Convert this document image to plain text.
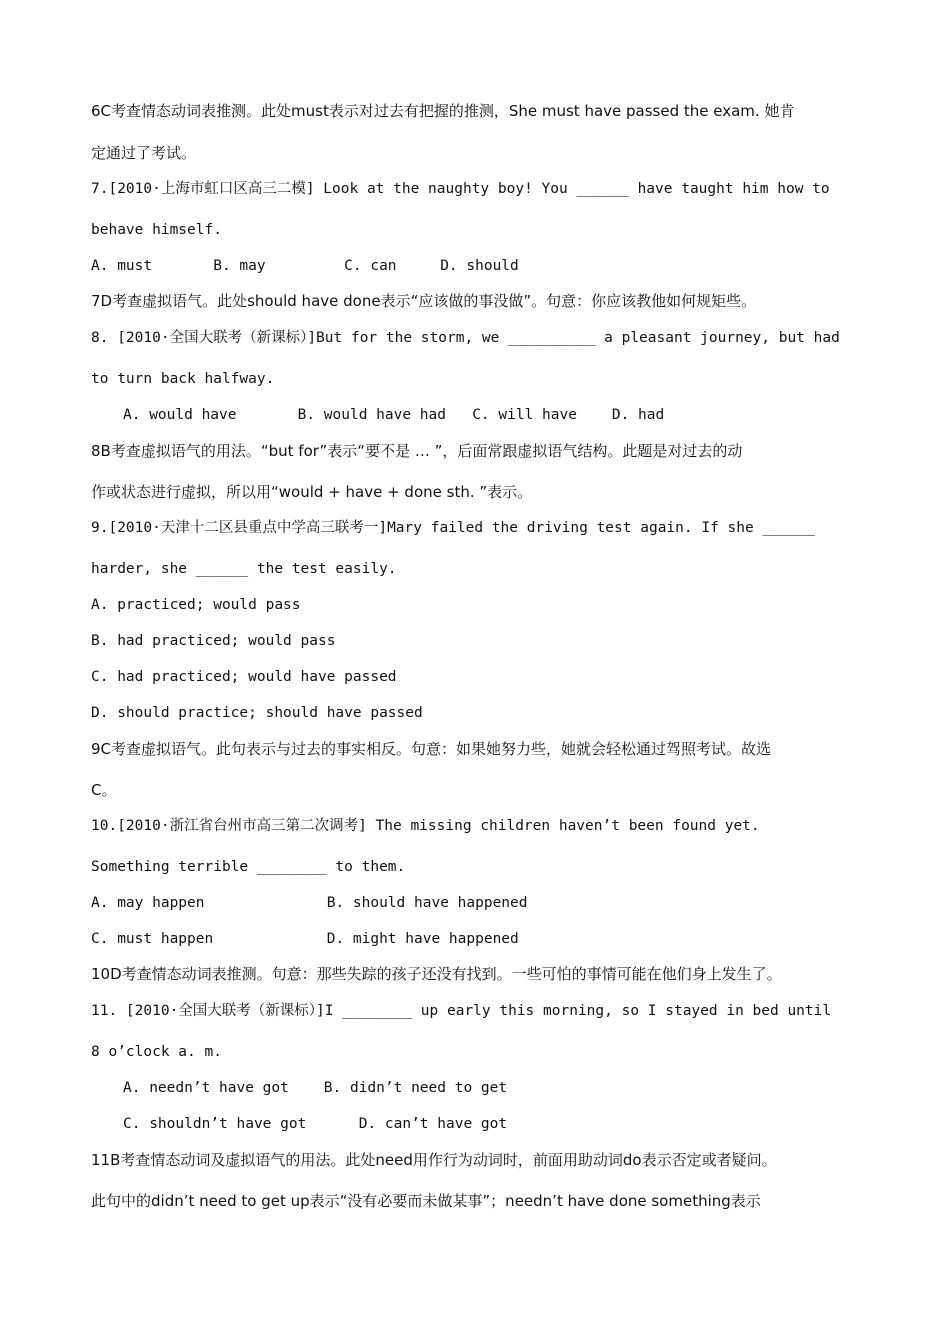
6C考查情态动词表推测。此处must表示对过去有把握的推测，She must have passed the exam. 她肯
定通过了考试。
7.[2010·上海市虹口区高三二模] Look at the naughty boy! You ______ have taught him how to
behave himself.
A. must       B. may         C. can     D. should
7D考查虚拟语气。此处should have done表示“应该做的事没做”。句意：你应该教他如何规矩些。
8. [2010·全国大联考（新课标）]But for the storm, we __________ a pleasant journey, but had
to turn back halfway.
A. would have       B. would have had   C. will have    D. had
8B考查虚拟语气的用法。“but for”表示“要不是 … ”，后面常跟虚拟语气结构。此题是对过去的动
作或状态进行虚拟，所以用“would + have + done sth. ”表示。
9.[2010·天津十二区县重点中学高三联考一]Mary failed the driving test again. If she ______
harder, she ______ the test easily.
A. practiced; would pass
B. had practiced; would pass
C. had practiced; would have passed
D. should practice; should have passed
9C考查虚拟语气。此句表示与过去的事实相反。句意：如果她努力些，她就会轻松通过驾照考试。故选
C。
10.[2010·浙江省台州市高三第二次调考] The missing children haven’t been found yet.
Something terrible ________ to them.
A. may happen              B. should have happened
C. must happen             D. might have happened
10D考查情态动词表推测。句意：那些失踪的孩子还没有找到。一些可怕的事情可能在他们身上发生了。
11. [2010·全国大联考（新课标）]I ________ up early this morning, so I stayed in bed until
8 o’clock a. m.
A. needn’t have got    B. didn’t need to get
C. shouldn’t have got      D. can’t have got
11B考查情态动词及虚拟语气的用法。此处need用作行为动词时，前面用助动词do表示否定或者疑问。
此句中的didn’t need to get up表示“没有必要而未做某事”；needn’t have done something表示
